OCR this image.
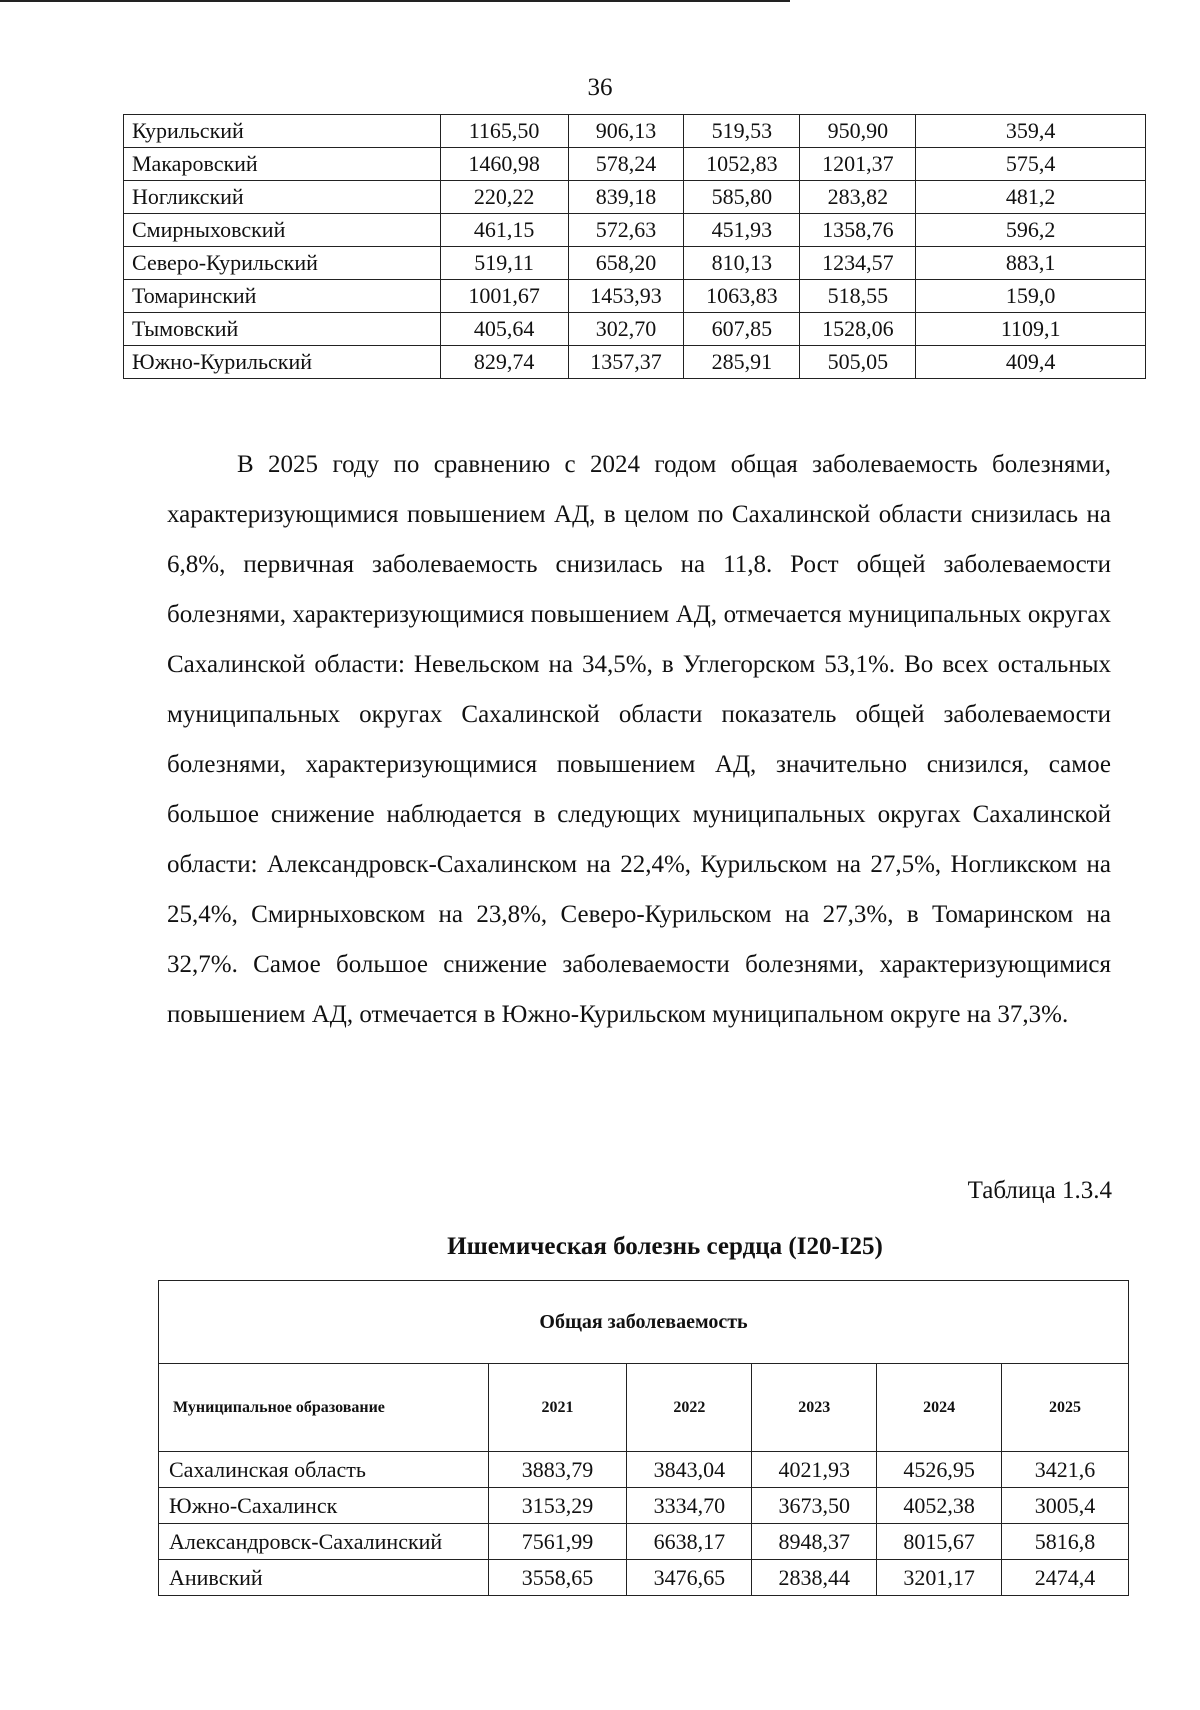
36
Курильский	1165,50	906,13	519,53	950,90	359,4
Макаровский	1460,98	578,24	1052,83	1201,37	575,4
Ногликский	220,22	839,18	585,80	283,82	481,2
Смирныховский	461,15	572,63	451,93	1358,76	596,2
Северо-Курильский	519,11	658,20	810,13	1234,57	883,1
Томаринский	1001,67	1453,93	1063,83	518,55	159,0
Тымовский	405,64	302,70	607,85	1528,06	1109,1
Южно-Курильский	829,74	1357,37	285,91	505,05	409,4

В 2025 году по сравнению с 2024 годом общая заболеваемость болезнями, характеризующимися повышением АД, в целом по Сахалинской области снизилась на 6,8%, первичная заболеваемость снизилась на 11,8. Рост общей заболеваемости болезнями, характеризующимися повышением АД, отмечается муниципальных округах Сахалинской области: Невельском на 34,5%, в Углегорском 53,1%. Во всех остальных муниципальных округах Сахалинской области показатель общей заболеваемости болезнями, характеризующимися повышением АД, значительно снизился, самое большое снижение наблюдается в следующих муниципальных округах Сахалинской области: Александровск-Сахалинском на 22,4%, Курильском на 27,5%, Ногликском на 25,4%, Смирныховском на 23,8%, Северо-Курильском на 27,3%, в Томаринском на 32,7%. Самое большое снижение заболеваемости болезнями, характеризующимися повышением АД, отмечается в Южно-Курильском муниципальном округе на 37,3%.

Таблица 1.3.4
Ишемическая болезнь сердца (I20-I25)
Общая заболеваемость					
Муниципальное образование	2021	2022	2023	2024	2025
Сахалинская область	3883,79	3843,04	4021,93	4526,95	3421,6
Южно-Сахалинск	3153,29	3334,70	3673,50	4052,38	3005,4
Александровск-Сахалинский	7561,99	6638,17	8948,37	8015,67	5816,8
Анивский	3558,65	3476,65	2838,44	3201,17	2474,4
